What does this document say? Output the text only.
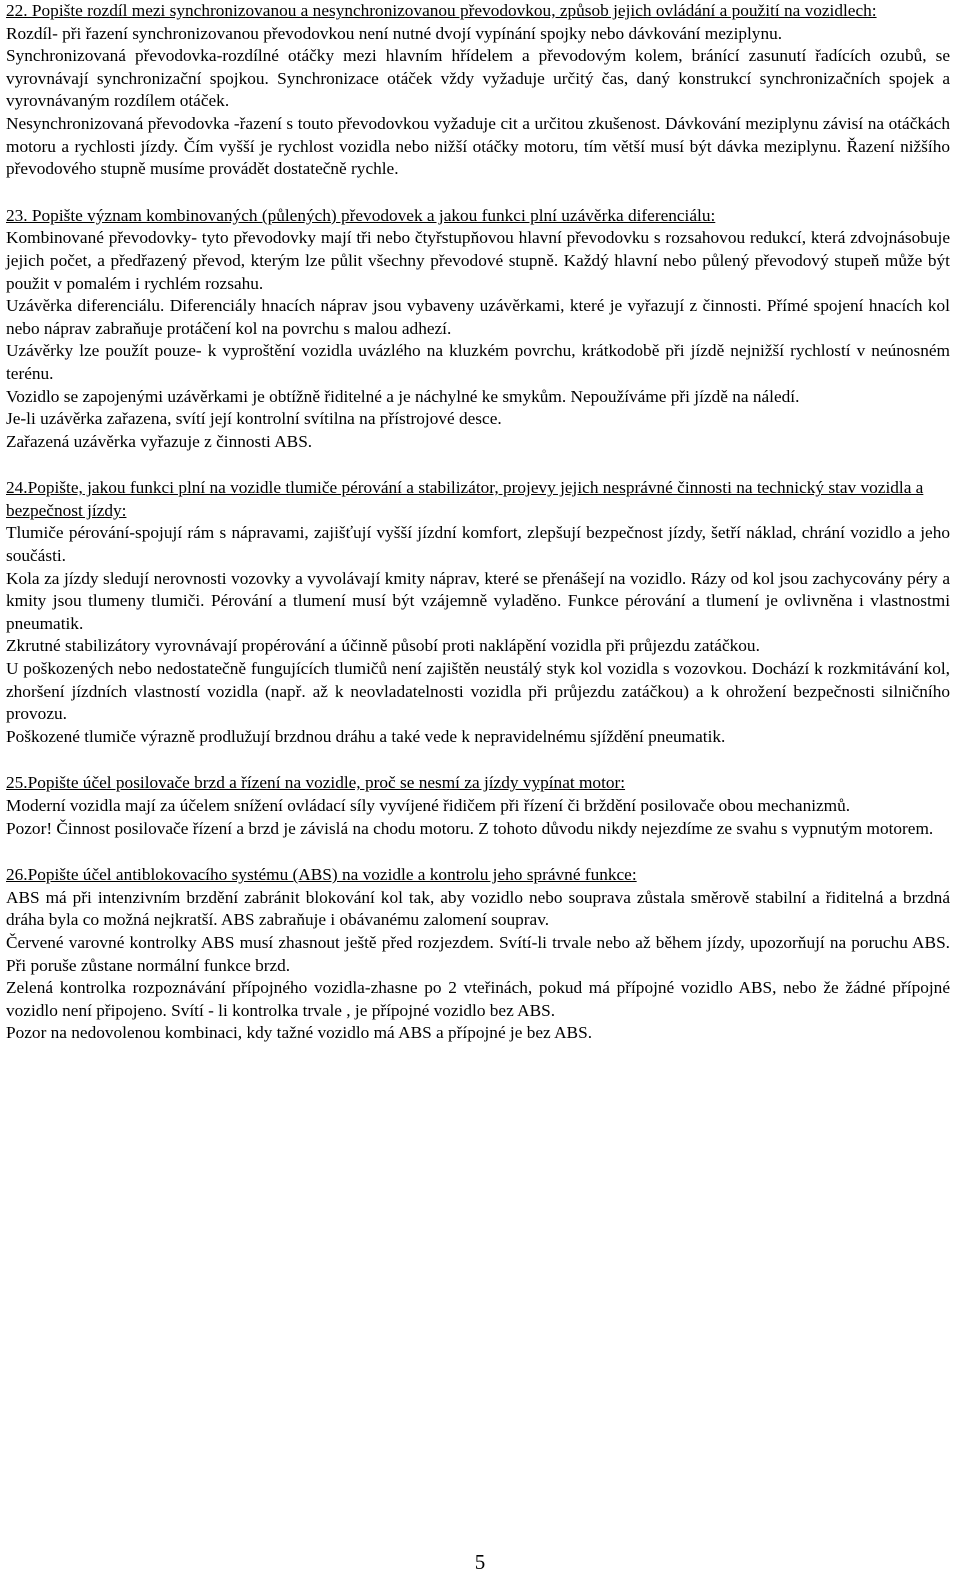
22. Popište rozdíl mezi synchronizovanou a nesynchronizovanou převodovkou, způsob jejich ovládání a použití na vozidlech:

Rozdíl- při řazení synchronizovanou převodovkou není nutné dvojí vypínání spojky nebo dávkování meziplynu.

Synchronizovaná převodovka-rozdílné otáčky mezi hlavním hřídelem a převodovým kolem, bránící zasunutí řadících ozubů, se vyrovnávají synchronizační spojkou. Synchronizace otáček vždy vyžaduje určitý čas, daný konstrukcí synchronizačních spojek a vyrovnávaným rozdílem otáček.

Nesynchronizovaná převodovka -řazení s touto převodovkou vyžaduje cit a určitou zkušenost. Dávkování meziplynu závisí na otáčkách motoru a rychlosti jízdy. Čím vyšší je rychlost vozidla nebo nižší otáčky motoru, tím větší musí být dávka meziplynu. Řazení nižšího převodového stupně musíme provádět dostatečně rychle.

23. Popište význam kombinovaných (půlených) převodovek a jakou funkci plní uzávěrka diferenciálu:

Kombinované převodovky- tyto převodovky mají tři nebo čtyřstupňovou hlavní převodovku s rozsahovou redukcí, která zdvojnásobuje jejich počet, a předřazený převod, kterým lze půlit všechny převodové stupně. Každý hlavní nebo půlený převodový stupeň může být použit v pomalém i rychlém rozsahu.

Uzávěrka diferenciálu. Diferenciály hnacích náprav jsou vybaveny uzávěrkami, které je vyřazují z činnosti. Přímé spojení hnacích kol nebo náprav zabraňuje protáčení kol na povrchu s malou adhezí.

Uzávěrky lze použít pouze- k vyproštění vozidla uvázlého na kluzkém povrchu, krátkodobě při jízdě nejnižší rychlostí v neúnosném terénu.

Vozidlo se zapojenými uzávěrkami je obtížně řiditelné a je náchylné ke smykům. Nepoužíváme při jízdě na náledí.

Je-li uzávěrka zařazena, svítí její kontrolní svítilna na přístrojové desce.

Zařazená uzávěrka vyřazuje z činnosti ABS.

24.Popište, jakou funkci plní na vozidle tlumiče pérování a stabilizátor, projevy jejich nesprávné činnosti na technický stav vozidla a bezpečnost jízdy:

Tlumiče pérování-spojují rám s nápravami, zajišťují vyšší jízdní komfort, zlepšují bezpečnost jízdy, šetří náklad, chrání vozidlo a jeho součásti.

Kola za jízdy sledují nerovnosti vozovky a vyvolávají kmity náprav, které se přenášejí na vozidlo. Rázy od kol jsou zachycovány péry a kmity jsou tlumeny tlumiči. Pérování a tlumení musí být vzájemně vyladěno. Funkce pérování a tlumení je ovlivněna i vlastnostmi pneumatik.

Zkrutné stabilizátory vyrovnávají propérování a účinně působí proti naklápění vozidla při průjezdu zatáčkou.

U poškozených nebo nedostatečně fungujících tlumičů není zajištěn neustálý styk kol vozidla s vozovkou. Dochází k rozkmitávání kol, zhoršení jízdních vlastností vozidla (např. až k neovladatelnosti vozidla při průjezdu zatáčkou) a k ohrožení bezpečnosti silničního provozu.

Poškozené tlumiče výrazně prodlužují brzdnou dráhu a také vede k nepravidelnému sjíždění pneumatik.

25.Popište účel posilovače brzd a řízení na vozidle, proč se nesmí za jízdy vypínat motor:

Moderní vozidla mají za účelem snížení ovládací síly vyvíjené řidičem při řízení či brždění posilovače obou mechanizmů.

Pozor! Činnost posilovače řízení a brzd je závislá na chodu motoru. Z tohoto důvodu nikdy nejezdíme ze svahu s vypnutým motorem.

26.Popište účel antiblokovacího systému (ABS) na vozidle a kontrolu jeho správné funkce:

ABS má při intenzivním brzdění zabránit blokování kol tak, aby vozidlo nebo souprava zůstala směrově stabilní a řiditelná a brzdná dráha byla co možná nejkratší. ABS zabraňuje i obávanému zalomení souprav.

Červené varovné kontrolky ABS musí zhasnout ještě před rozjezdem. Svítí-li trvale nebo až během jízdy, upozorňují na poruchu ABS. Při poruše zůstane normální funkce brzd.

Zelená kontrolka rozpoznávání přípojného vozidla-zhasne po 2 vteřinách, pokud má přípojné vozidlo ABS, nebo že žádné přípojné vozidlo není připojeno. Svítí - li kontrolka trvale , je přípojné vozidlo bez ABS.

Pozor na nedovolenou kombinaci, kdy tažné vozidlo má ABS a přípojné je bez ABS.

5
